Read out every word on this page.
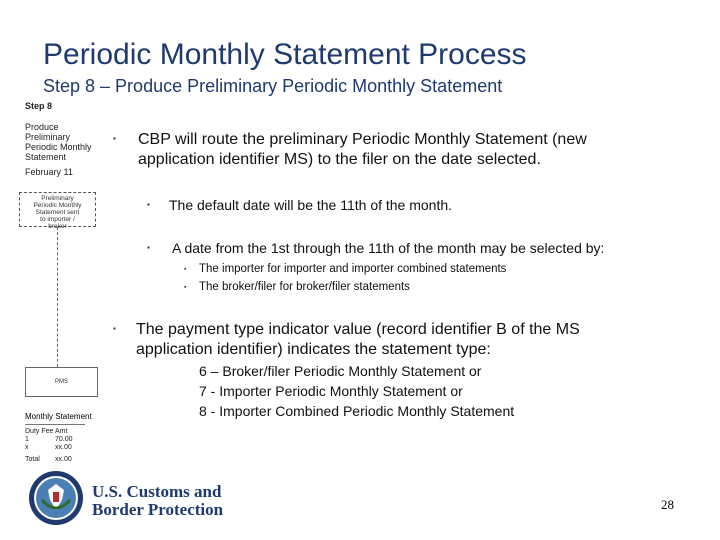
Periodic Monthly Statement Process
Step 8 – Produce Preliminary Periodic Monthly Statement
Step 8
Produce
Preliminary
Periodic Monthly
Statement
February 11
Preliminary
Periodic Monthly
Statement sent
to importer /
broker
PMS
Monthly Statement
Duty Fee Amt
1	70.00
x	xx.00
Total xx.00
▪ CBP will route the preliminary Periodic Monthly Statement (new
application identifier MS) to the filer on the date selected.
▪ The default date will be the 11th of the month.
▪ A date from the 1st through the 11th of the month may be selected by:
▪ The importer for importer and importer combined statements
▪ The broker/filer for broker/filer statements
▪ The payment type indicator value (record identifier B of the MS
application identifier) indicates the statement type:
6 – Broker/filer Periodic Monthly Statement or
7 - Importer Periodic Monthly Statement or
8 - Importer Combined Periodic Monthly Statement
U.S. Customs and
Border Protection	28
